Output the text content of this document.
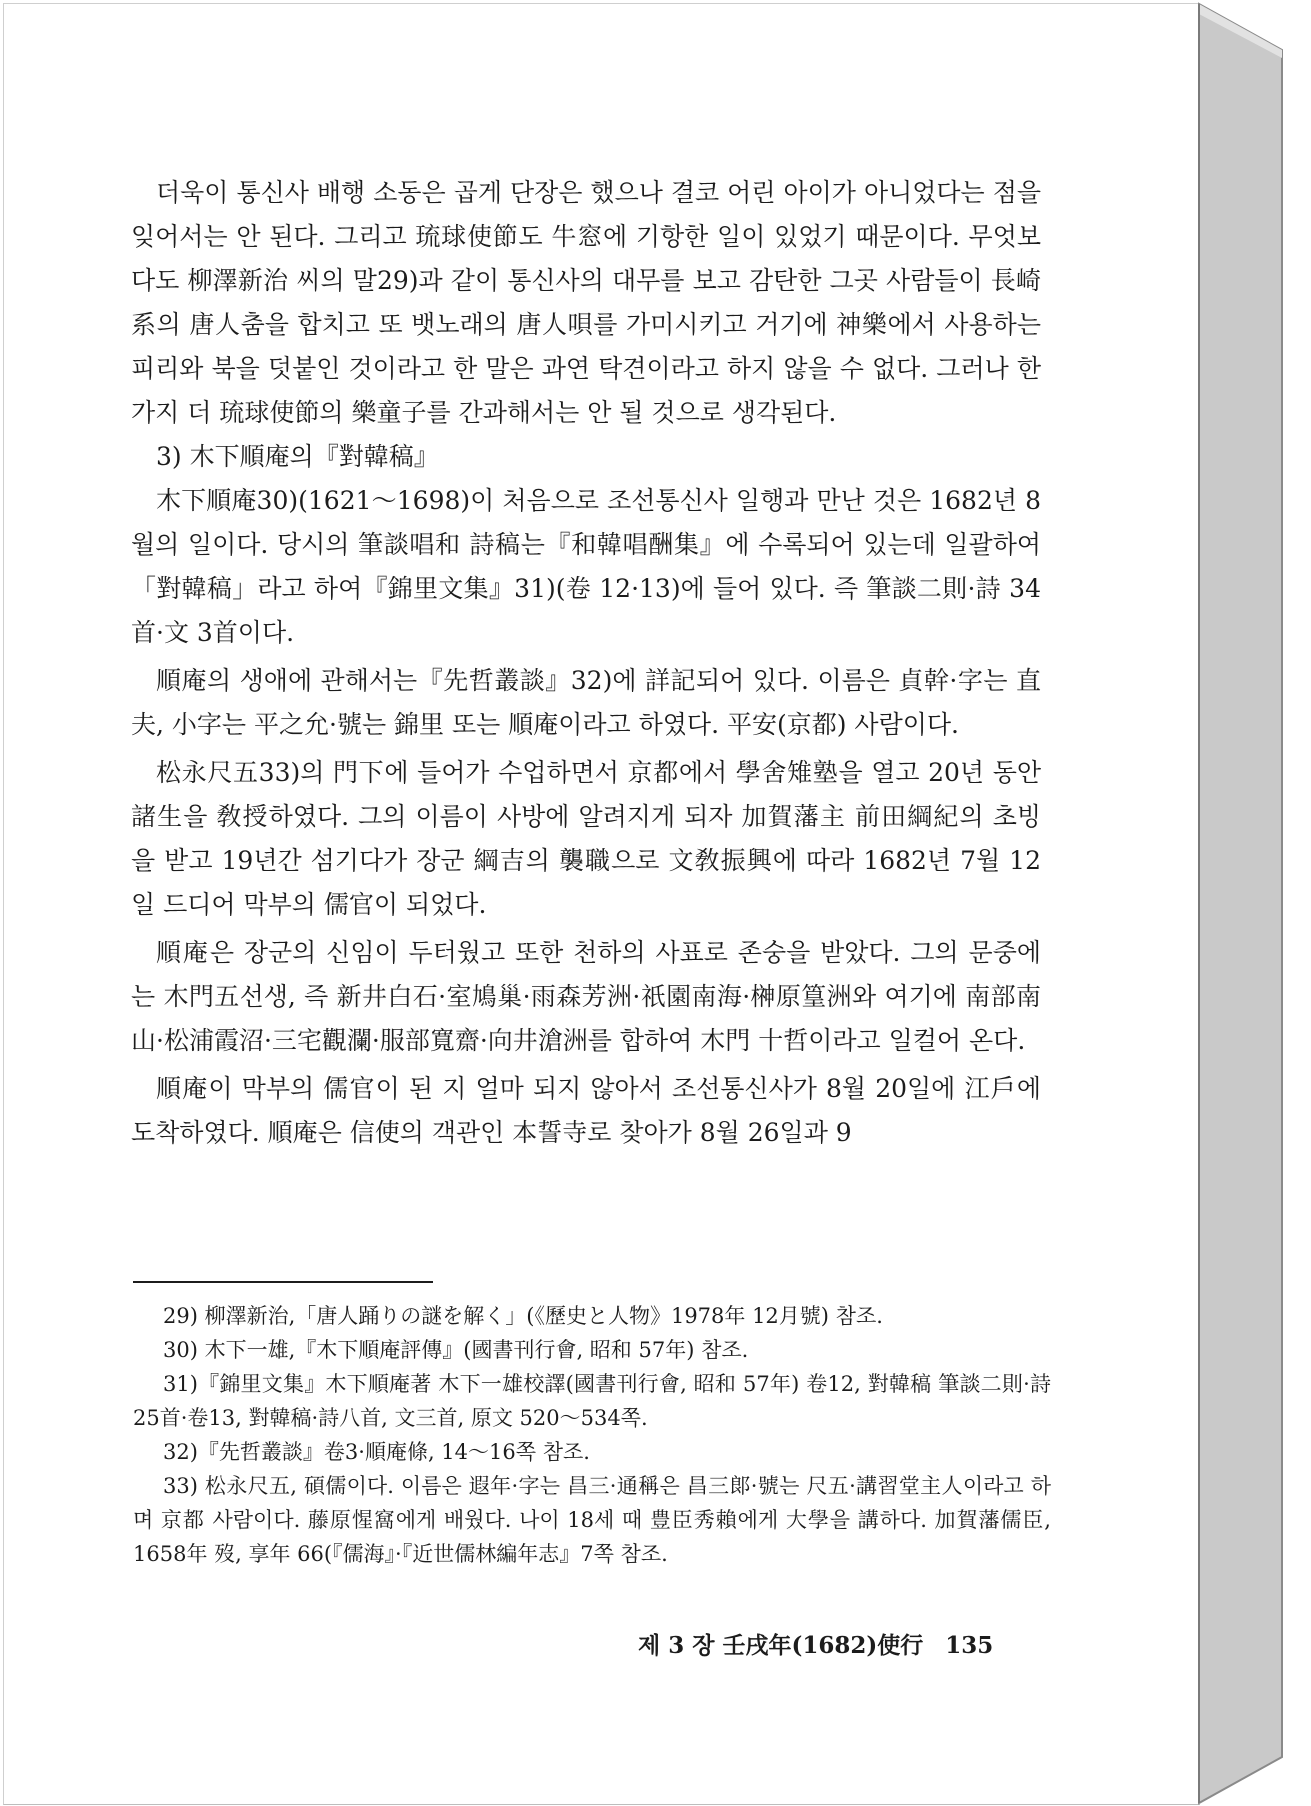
더욱이 통신사 배행 소동은 곱게 단장은 했으나 결코 어린 아이가 아니었다는 점을 잊어서는 안 된다. 그리고 琉球使節도 牛窓에 기항한 일이 있었기 때문이다. 무엇보다도 柳澤新治 씨의 말29)과 같이 통신사의 대무를 보고 감탄한 그곳 사람들이 長崎系의 唐人춤을 합치고 또 뱃노래의 唐人唄를 가미시키고 거기에 神樂에서 사용하는 피리와 북을 덧붙인 것이라고 한 말은 과연 탁견이라고 하지 않을 수 없다. 그러나 한 가지 더 琉球使節의 樂童子를 간과해서는 안 될 것으로 생각된다.

3) 木下順庵의『對韓稿』

木下順庵30)(1621～1698)이 처음으로 조선통신사 일행과 만난 것은 1682년 8월의 일이다. 당시의 筆談唱和 詩稿는『和韓唱酬集』에 수록되어 있는데 일괄하여「對韓稿」라고 하여『錦里文集』31)(卷 12·13)에 들어 있다. 즉 筆談二則·詩 34首·文 3首이다.

順庵의 생애에 관해서는『先哲叢談』32)에 詳記되어 있다. 이름은 貞幹·字는 直夫, 小字는 平之允·號는 錦里 또는 順庵이라고 하였다. 平安(京都) 사람이다.

松永尺五33)의 門下에 들어가 수업하면서 京都에서 學舍雉塾을 열고 20년 동안 諸生을 敎授하였다. 그의 이름이 사방에 알려지게 되자 加賀藩主 前田綱紀의 초빙을 받고 19년간 섬기다가 장군 綱吉의 襲職으로 文敎振興에 따라 1682년 7월 12일 드디어 막부의 儒官이 되었다.

順庵은 장군의 신임이 두터웠고 또한 천하의 사표로 존숭을 받았다. 그의 문중에는 木門五선생, 즉 新井白石·室鳩巢·雨森芳洲·祇園南海·榊原篁洲와 여기에 南部南山·松浦霞沼·三宅觀瀾·服部寬齋·向井滄洲를 합하여 木門 十哲이라고 일컬어 온다.

順庵이 막부의 儒官이 된 지 얼마 되지 않아서 조선통신사가 8월 20일에 江戶에 도착하였다. 順庵은 信使의 객관인 本誓寺로 찾아가 8월 26일과 9

29) 柳澤新治,「唐人踊りの謎を解く」(《歷史と人物》1978年 12月號) 참조.

30) 木下一雄,『木下順庵評傳』(國書刊行會, 昭和 57年) 참조.

31)『錦里文集』木下順庵著 木下一雄校譯(國書刊行會, 昭和 57年) 卷12, 對韓稿 筆談二則·詩 25首·卷13, 對韓稿·詩八首, 文三首, 原文 520～534쪽.

32)『先哲叢談』卷3·順庵條, 14～16쪽 참조.

33) 松永尺五, 碩儒이다. 이름은 遐年·字는 昌三·通稱은 昌三郞·號는 尺五·講習堂主人이라고 하며 京都 사람이다. 藤原惺窩에게 배웠다. 나이 18세 때 豊臣秀賴에게 大學을 講하다. 加賀藩儒臣, 1658年 歿, 享年 66(『儒海』·『近世儒林編年志』7쪽 참조.

제 3 장 壬戌年(1682)使行 135
